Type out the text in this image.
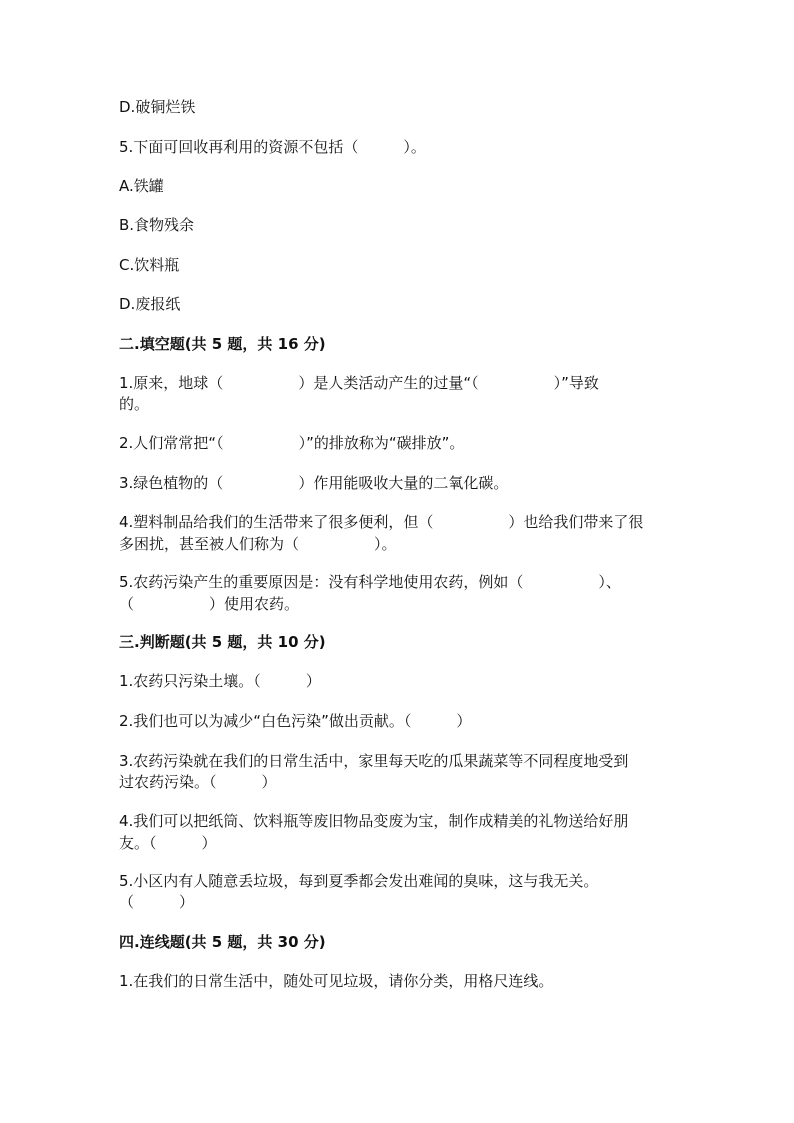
D.破铜烂铁

5.下面可回收再利用的资源不包括（　　　）。

A.铁罐

B.食物残余

C.饮料瓶

D.废报纸

二.填空题(共 5 题，共 16 分)

1.原来，地球（　　　　　）是人类活动产生的过量“（　　　　　）”导致

的。

2.人们常常把“（　　　　　）”的排放称为“碳排放”。

3.绿色植物的（　　　　　）作用能吸收大量的二氧化碳。

4.塑料制品给我们的生活带来了很多便利，但（　　　　　）也给我们带来了很

多困扰，甚至被人们称为（　　　　　）。

5.农药污染产生的重要原因是：没有科学地使用农药，例如（　　　　　）、

（　　　　　）使用农药。

三.判断题(共 5 题，共 10 分)

1.农药只污染土壤。（　　　）

2.我们也可以为减少“白色污染”做出贡献。（　　　）

3.农药污染就在我们的日常生活中，家里每天吃的瓜果蔬菜等不同程度地受到

过农药污染。（　　　）

4.我们可以把纸筒、饮料瓶等废旧物品变废为宝，制作成精美的礼物送给好朋

友。（　　　）

5.小区内有人随意丢垃圾，每到夏季都会发出难闻的臭味，这与我无关。

（　　　）

四.连线题(共 5 题，共 30 分)

1.在我们的日常生活中，随处可见垃圾，请你分类，用格尺连线。
